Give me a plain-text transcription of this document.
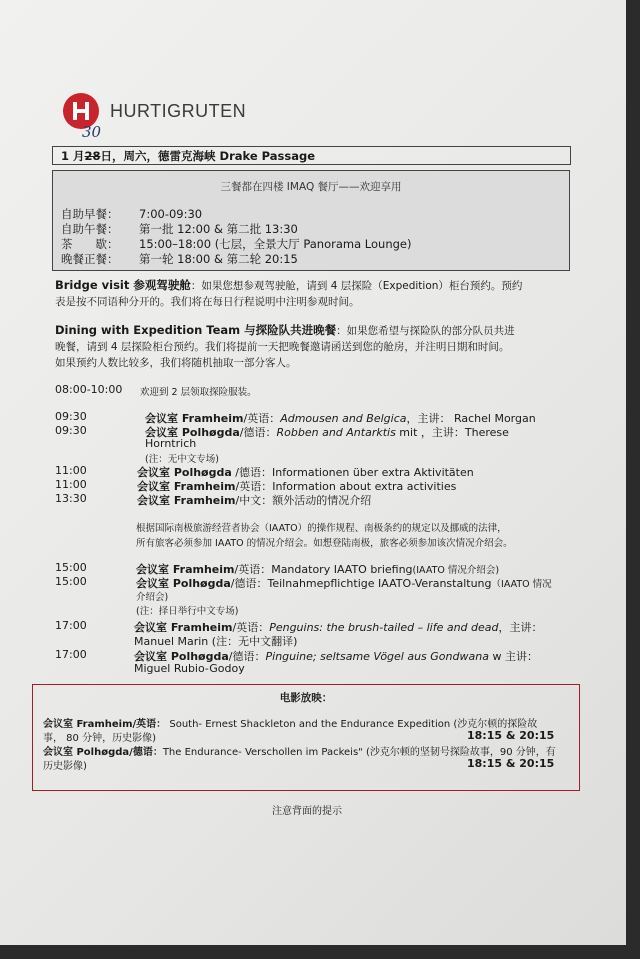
HURTIGRUTEN
30
1 月28日，周六，德雷克海峡 Drake Passage
三餐都在四楼 IMAQ 餐厅——欢迎享用
自助早餐： 7:00-09:30
自助午餐： 第一批 12:00 & 第二批 13:30
茶　　歇： 15:00–18:00 (七层，全景大厅 Panorama Lounge)
晚餐正餐： 第一轮 18:00 & 第二轮 20:15
Bridge visit 参观驾驶舱：如果您想参观驾驶舱，请到 4 层探险（Expedition）柜台预约。预约
表是按不同语种分开的。我们将在每日行程说明中注明参观时间。
Dining with Expedition Team 与探险队共进晚餐：如果您希望与探险队的部分队员共进
晚餐，请到 4 层探险柜台预约。我们将提前一天把晚餐邀请函送到您的舱房，并注明日期和时间。
如果预约人数比较多，我们将随机抽取一部分客人。
08:00-10:00 欢迎到 2 层领取探险服装。
09:30	会议室 Framheim/英语：Admousen and Belgica，主讲： Rachel Morgan
09:30	会议室 Polhøgda/德语：Robben and Antarktis mit ，主讲：Therese
Horntrich
(注：无中文专场)
11:00	会议室 Polhøgda /德语：Informationen über extra Aktivitäten
11:00	会议室 Framheim/英语：Information about extra activities
13:30	会议室 Framheim/中文：额外活动的情况介绍
根据国际南极旅游经营者协会（IAATO）的操作规程、南极条约的规定以及挪威的法律，
所有旅客必须参加 IAATO 的情况介绍会。如想登陆南极，旅客必须参加该次情况介绍会。
15:00	会议室 Framheim/英语：Mandatory IAATO briefing(IAATO 情况介绍会)
15:00	会议室 Polhøgda/德语：Teilnahmepflichtige IAATO-Veranstaltung（IAATO 情况
介绍会)
(注：择日举行中文专场)
17:00	会议室 Framheim/英语：Penguins: the brush-tailed – life and dead，主讲：
Manuel Marin (注：无中文翻译)
17:00	会议室 Polhøgda/德语：Pinguine; seltsame Vögel aus Gondwana w 主讲：
Miguel Rubio-Godoy
电影放映：
会议室 Framheim/英语： South- Ernest Shackleton and the Endurance Expedition (沙克尔顿的探险故
事， 80 分钟，历史影像)	18:15 & 20:15
会议室 Polhøgda/德语：The Endurance- Verschollen im Packeis" (沙克尔顿的坚韧号探险故事，90 分钟，有
历史影像)	18:15 & 20:15
注意背面的提示
